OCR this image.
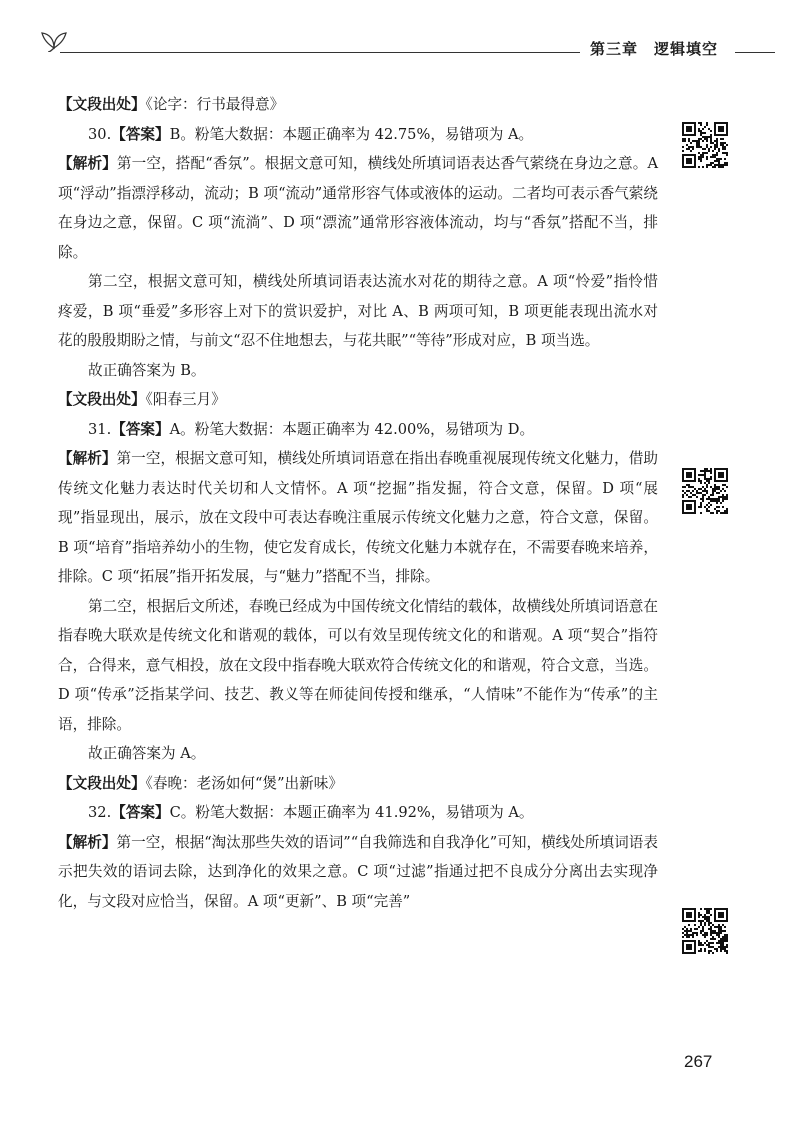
第三章　逻辑填空

【文段出处】《论字：行书最得意》

30.【答案】B。粉笔大数据：本题正确率为 42.75%，易错项为 A。

【解析】第一空，搭配“香氛”。根据文意可知，横线处所填词语表达香气萦绕在身边之意。A 项“浮动”指漂浮移动，流动；B 项“流动”通常形容气体或液体的运动。二者均可表示香气萦绕在身边之意，保留。C 项“流淌”、D 项“漂流”通常形容液体流动，均与“香氛”搭配不当，排除。

第二空，根据文意可知，横线处所填词语表达流水对花的期待之意。A 项“怜爱”指怜惜疼爱，B 项“垂爱”多形容上对下的赏识爱护，对比 A、B 两项可知，B 项更能表现出流水对花的殷殷期盼之情，与前文“忍不住地想去，与花共眠”“等待”形成对应，B 项当选。

故正确答案为 B。

【文段出处】《阳春三月》

31.【答案】A。粉笔大数据：本题正确率为 42.00%，易错项为 D。

【解析】第一空，根据文意可知，横线处所填词语意在指出春晚重视展现传统文化魅力，借助传统文化魅力表达时代关切和人文情怀。A 项“挖掘”指发掘，符合文意，保留。D 项“展现”指显现出，展示，放在文段中可表达春晚注重展示传统文化魅力之意，符合文意，保留。B 项“培育”指培养幼小的生物，使它发育成长，传统文化魅力本就存在，不需要春晚来培养，排除。C 项“拓展”指开拓发展，与“魅力”搭配不当，排除。

第二空，根据后文所述，春晚已经成为中国传统文化情结的载体，故横线处所填词语意在指春晚大联欢是传统文化和谐观的载体，可以有效呈现传统文化的和谐观。A 项“契合”指符合，合得来，意气相投，放在文段中指春晚大联欢符合传统文化的和谐观，符合文意，当选。D 项“传承”泛指某学问、技艺、教义等在师徒间传授和继承，“人情味”不能作为“传承”的主语，排除。

故正确答案为 A。

【文段出处】《春晚：老汤如何“煲”出新味》

32.【答案】C。粉笔大数据：本题正确率为 41.92%，易错项为 A。

【解析】第一空，根据“淘汰那些失效的语词”“自我筛选和自我净化”可知，横线处所填词语表示把失效的语词去除，达到净化的效果之意。C 项“过滤”指通过把不良成分分离出去实现净化，与文段对应恰当，保留。A 项“更新”、B 项“完善”

267
